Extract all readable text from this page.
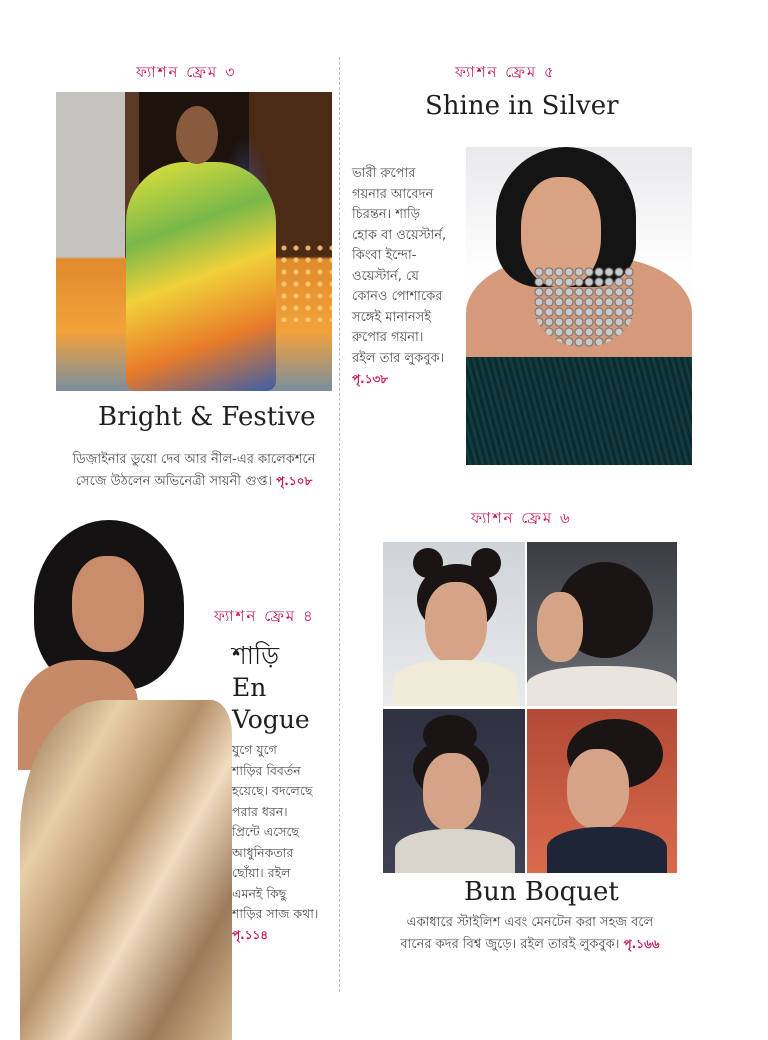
ফ্যাশন ফ্রেম ৩
Bright & Festive
ডিজ়াইনার ডুয়ো দেব আর নীল-এর কালেকশনে
সেজে উঠলেন অভিনেত্রী সায়নী গুপ্ত। পৃ.১০৮
ফ্যাশন ফ্রেম ৫
Shine in Silver
ভারী রুপোর
গয়নার আবেদন
চিরন্তন। শাড়ি
হোক বা ওয়েস্টার্ন,
কিংবা ইন্দো-
ওয়েস্টার্ন, যে
কোনও পোশাকের
সঙ্গেই মানানসই
রুপোর গয়না।
রইল তার লুকবুক।
পৃ.১৩৮
ফ্যাশন ফ্রেম ৪
শাড়ি
En
Vogue
যুগে যুগে
শাড়ির বিবর্তন
হয়েছে। বদলেছে
পরার ধরন।
প্রিন্টে এসেছে
আধুনিকতার
ছোঁয়া। রইল
এমনই কিছু
শাড়ির সাজ কথা।
পৃ.১১৪
ফ্যাশন ফ্রেম ৬
Bun Boquet
একাধারে স্টাইলিশ এবং মেনটেন করা সহজ বলে
বানের কদর বিশ্ব জুড়ে। রইল তারই লুকবুক। পৃ.১৬৬
